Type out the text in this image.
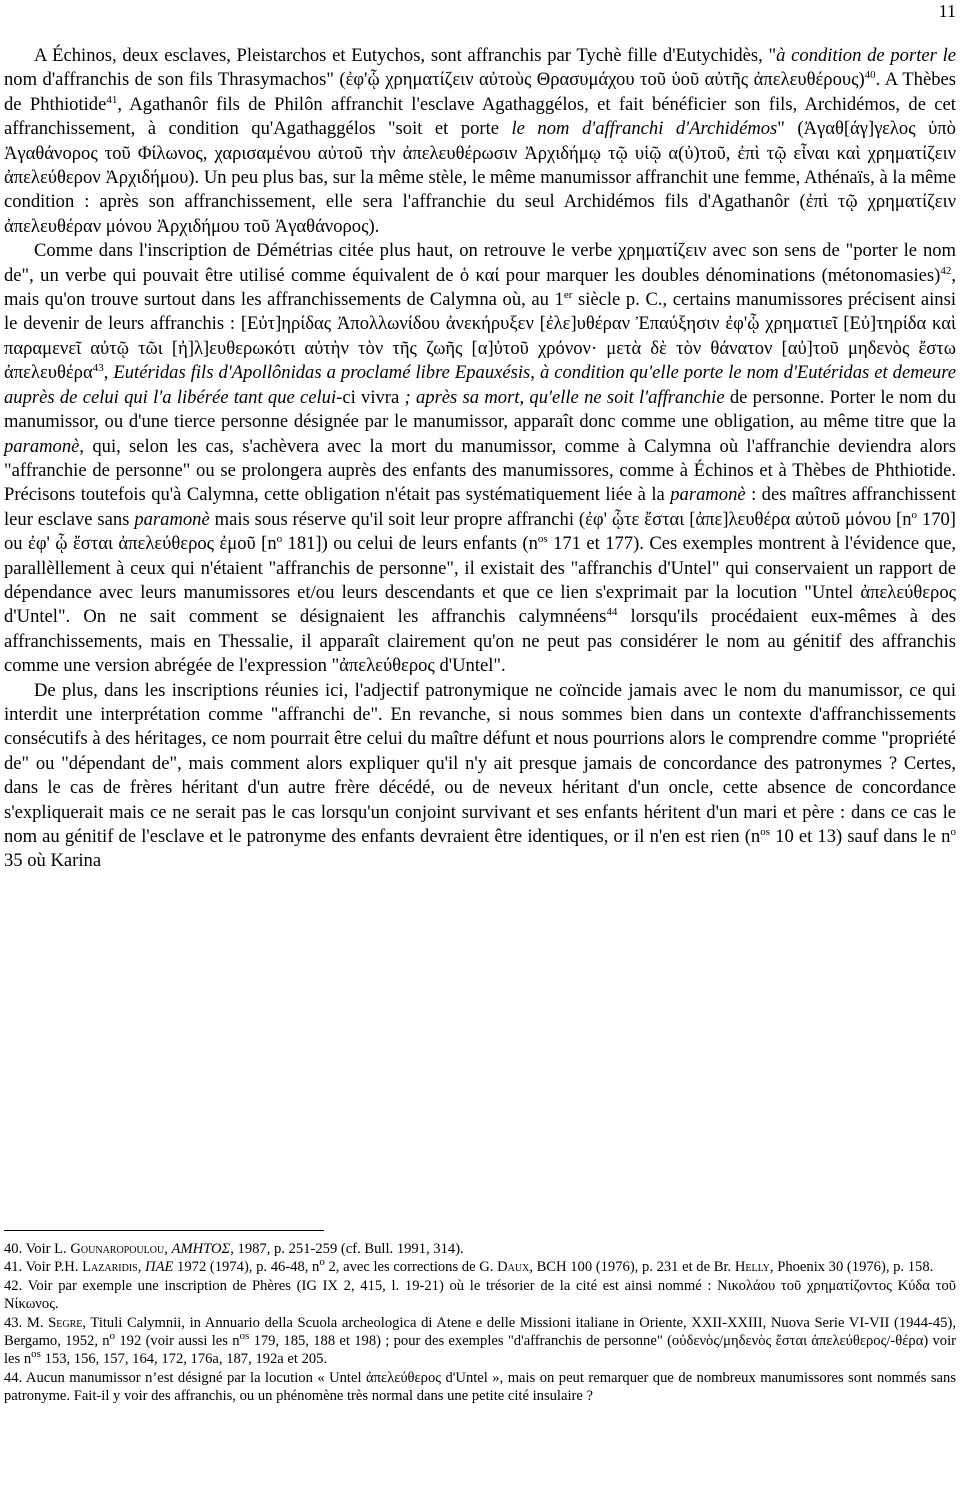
11

A Échinos, deux esclaves, Pleistarchos et Eutychos, sont affranchis par Tychè fille d'Eutychidès, "à condition de porter le nom d'affranchis de son fils Thrasymachos" (ἐφ'ᾧ χρηματίζειν αὐτοὺς Θρασυμάχου τοῦ ὑοῦ αὐτῆς ἀπελευθέρους)$^{40}$. A Thèbes de Phthiotide$^{41}$, Agathanôr fils de Philôn affranchit l'esclave Agathaggélos, et fait bénéficier son fils, Archidémos, de cet affranchissement, à condition qu'Agathaggélos "soit et porte le nom d'affranchi d'Archidémos" (Ἀγαθ[άγ]γελος ὑπὸ Ἀγαθάνορος τοῦ Φίλωνος, χαρισαμένου αὐτοῦ τὴν ἀπελευθέρωσιν Ἀρχιδήμῳ τῷ υἱῷ α(ὐ)τοῦ, ἐπὶ τῷ εἶναι καὶ χρηματίζειν ἀπελεύθερον Ἀρχιδήμου). Un peu plus bas, sur la même stèle, le même manumissor affranchit une femme, Athénaïs, à la même condition : après son affranchissement, elle sera l'affranchie du seul Archidémos fils d'Agathanôr (ἐπὶ τῷ χρηματίζειν ἀπελευθέραν μόνου Ἀρχιδήμου τοῦ Ἀγαθάνορος).

Comme dans l'inscription de Démétrias citée plus haut, on retrouve le verbe χρηματίζειν avec son sens de "porter le nom de", un verbe qui pouvait être utilisé comme équivalent de ὁ καί pour marquer les doubles dénominations (métonomasies)$^{42}$, mais qu'on trouve surtout dans les affranchissements de Calymna où, au 1er siècle p. C., certains manumissores précisent ainsi le devenir de leurs affranchis : [Εὐτ]ηρίδας Ἀπολλωνίδου ἀνεκήρυξεν [ἐλε]υθέραν Ἐπαύξησιν ἐφ'ᾧ χρηματιεῖ [Εὐ]τηρίδα καὶ παραμενεῖ αὐτῷ τῶι [ἠ]λ]ευθερωκότι αὐτὴν τὸν τῆς ζωῆς [α]ὐτοῦ χρόνον· μετὰ δὲ τὸν θάνατον [αὐ]τοῦ μηδενὸς ἔστω ἀπελευθέρα$^{43}$, Eutéridas fils d'Apollônidas a proclamé libre Epauxésis, à condition qu'elle porte le nom d'Eutéridas et demeure auprès de celui qui l'a libérée tant que celui-ci vivra ; après sa mort, qu'elle ne soit l'affranchie de personne. Porter le nom du manumissor, ou d'une tierce personne désignée par le manumissor, apparaît donc comme une obligation, au même titre que la paramonè, qui, selon les cas, s'achèvera avec la mort du manumissor, comme à Calymna où l'affranchie deviendra alors "affranchie de personne" ou se prolongera auprès des enfants des manumissores, comme à Échinos et à Thèbes de Phthiotide. Précisons toutefois qu'à Calymna, cette obligation n'était pas systématiquement liée à la paramonè : des maîtres affranchissent leur esclave sans paramonè mais sous réserve qu'il soit leur propre affranchi (ἐφ' ᾧτε ἔσται [ἀπε]λευθέρα αὐτοῦ μόνου [$n^o$ 170] ou ἐφ' ᾧ ἔσται ἀπελεύθερος ἐμοῦ [$n^o$ 181]) ou celui de leurs enfants ($n^{os}$ 171 et 177). Ces exemples montrent à l'évidence que, parallèllement à ceux qui n'étaient "affranchis de personne", il existait des "affranchis d'Untel" qui conservaient un rapport de dépendance avec leurs manumissores et/ou leurs descendants et que ce lien s'exprimait par la locution "Untel ἀπελεύθερος d'Untel". On ne sait comment se désignaient les affranchis calymnéens$^{44}$ lorsqu'ils procédaient eux-mêmes à des affranchissements, mais en Thessalie, il apparaît clairement qu'on ne peut pas considérer le nom au génitif des affranchis comme une version abrégée de l'expression "ἀπελεύθερος d'Untel".

De plus, dans les inscriptions réunies ici, l'adjectif patronymique ne coïncide jamais avec le nom du manumissor, ce qui interdit une interprétation comme "affranchi de". En revanche, si nous sommes bien dans un contexte d'affranchissements consécutifs à des héritages, ce nom pourrait être celui du maître défunt et nous pourrions alors le comprendre comme "propriété de" ou "dépendant de", mais comment alors expliquer qu'il n'y ait presque jamais de concordance des patronymes ? Certes, dans le cas de frères héritant d'un autre frère décédé, ou de neveux héritant d'un oncle, cette absence de concordance s'expliquerait mais ce ne serait pas le cas lorsqu'un conjoint survivant et ses enfants héritent d'un mari et père : dans ce cas le nom au génitif de l'esclave et le patronyme des enfants devraient être identiques, or il n'en est rien ($n^{os}$ 10 et 13) sauf dans le $n^o$ 35 où Karina

40. Voir L. Gounaropoulou, ΑΜΗΤΟΣ, 1987, p. 251-259 (cf. Bull. 1991, 314).

41. Voir P.H. Lazaridis, ΠΑΕ 1972 (1974), p. 46-48, $n^o$ 2, avec les corrections de G. Daux, BCH 100 (1976), p. 231 et de Br. Helly, Phoenix 30 (1976), p. 158.

42. Voir par exemple une inscription de Phères (IG IX 2, 415, l. 19-21) où le trésorier de la cité est ainsi nommé : Νικολάου τοῦ χρηματίζοντος Κύδα τοῦ Νίκωνος.

43. M. Segre, Tituli Calymnii, in Annuario della Scuola archeologica di Atene e delle Missioni italiane in Oriente, XXII-XXIII, Nuova Serie VI-VII (1944-45), Bergamo, 1952, $n^o$ 192 (voir aussi les $n^{os}$ 179, 185, 188 et 198) ; pour des exemples "d'affranchis de personne" (οὐδενὸς/μηδενὸς ἔσται ἀπελεύθερος/-θέρα) voir les $n^{os}$ 153, 156, 157, 164, 172, 176a, 187, 192a et 205.

44. Aucun manumissor n’est désigné par la locution « Untel ἀπελεύθερος d'Untel », mais on peut remarquer que de nombreux manumissores sont nommés sans patronyme. Fait-il y voir des affranchis, ou un phénomène très normal dans une petite cité insulaire ?
